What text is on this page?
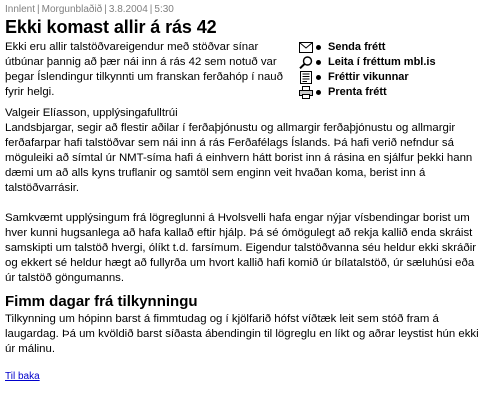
Innlent | Morgunblaðið | 3.8.2004 | 5:30

Ekki komast allir á rás 42

Ekki eru allir talstöðvareigendur með stöðvar sínar útbúnar þannig að þær nái inn á rás 42 sem notuð var þegar Íslendingur tilkynnti um franskan ferðahóp í nauð fyrir helgi.

Senda frétt
Leita í fréttum mbl.is
Fréttir vikunnar
Prenta frétt

Valgeir Elíasson, upplýsingafulltrúi

Landsbjargar, segir að flestir aðilar í ferðaþjónustu og allmargir ferðaþjónustu og allmargir ferðafarpar hafi talstöðvar sem nái inn á rás Ferðafélags Íslands. Þá hafi verið nefndur sá möguleiki að símtal úr NMT-síma hafi á einhvern hátt borist inn á rásina en sjálfur þekki hann dæmi um að alls kyns truflanir og samtöl sem enginn veit hvaðan koma, berist inn á talstöðvarrásir.

Samkvæmt upplýsingum frá lögreglunni á Hvolsvelli hafa engar nýjar vísbendingar borist um hver kunni hugsanlega að hafa kallað eftir hjálp. Þá sé ómögulegt að rekja kallið enda skráist samskipti um talstöð hvergi, ólíkt t.d. farsímum. Eigendur talstöðvanna séu heldur ekki skráðir og ekkert sé heldur hægt að fullyrða um hvort kallið hafi komið úr bílatalstöð, úr sæluhúsi eða úr talstöð göngumanns.

Fimm dagar frá tilkynningu

Tilkynning um hópinn barst á fimmtudag og í kjölfarið hófst víðtæk leit sem stóð fram á laugardag. Þá um kvöldið barst síðasta ábendingin til lögreglu en líkt og aðrar leystist hún ekki úr málinu.

Til baka
